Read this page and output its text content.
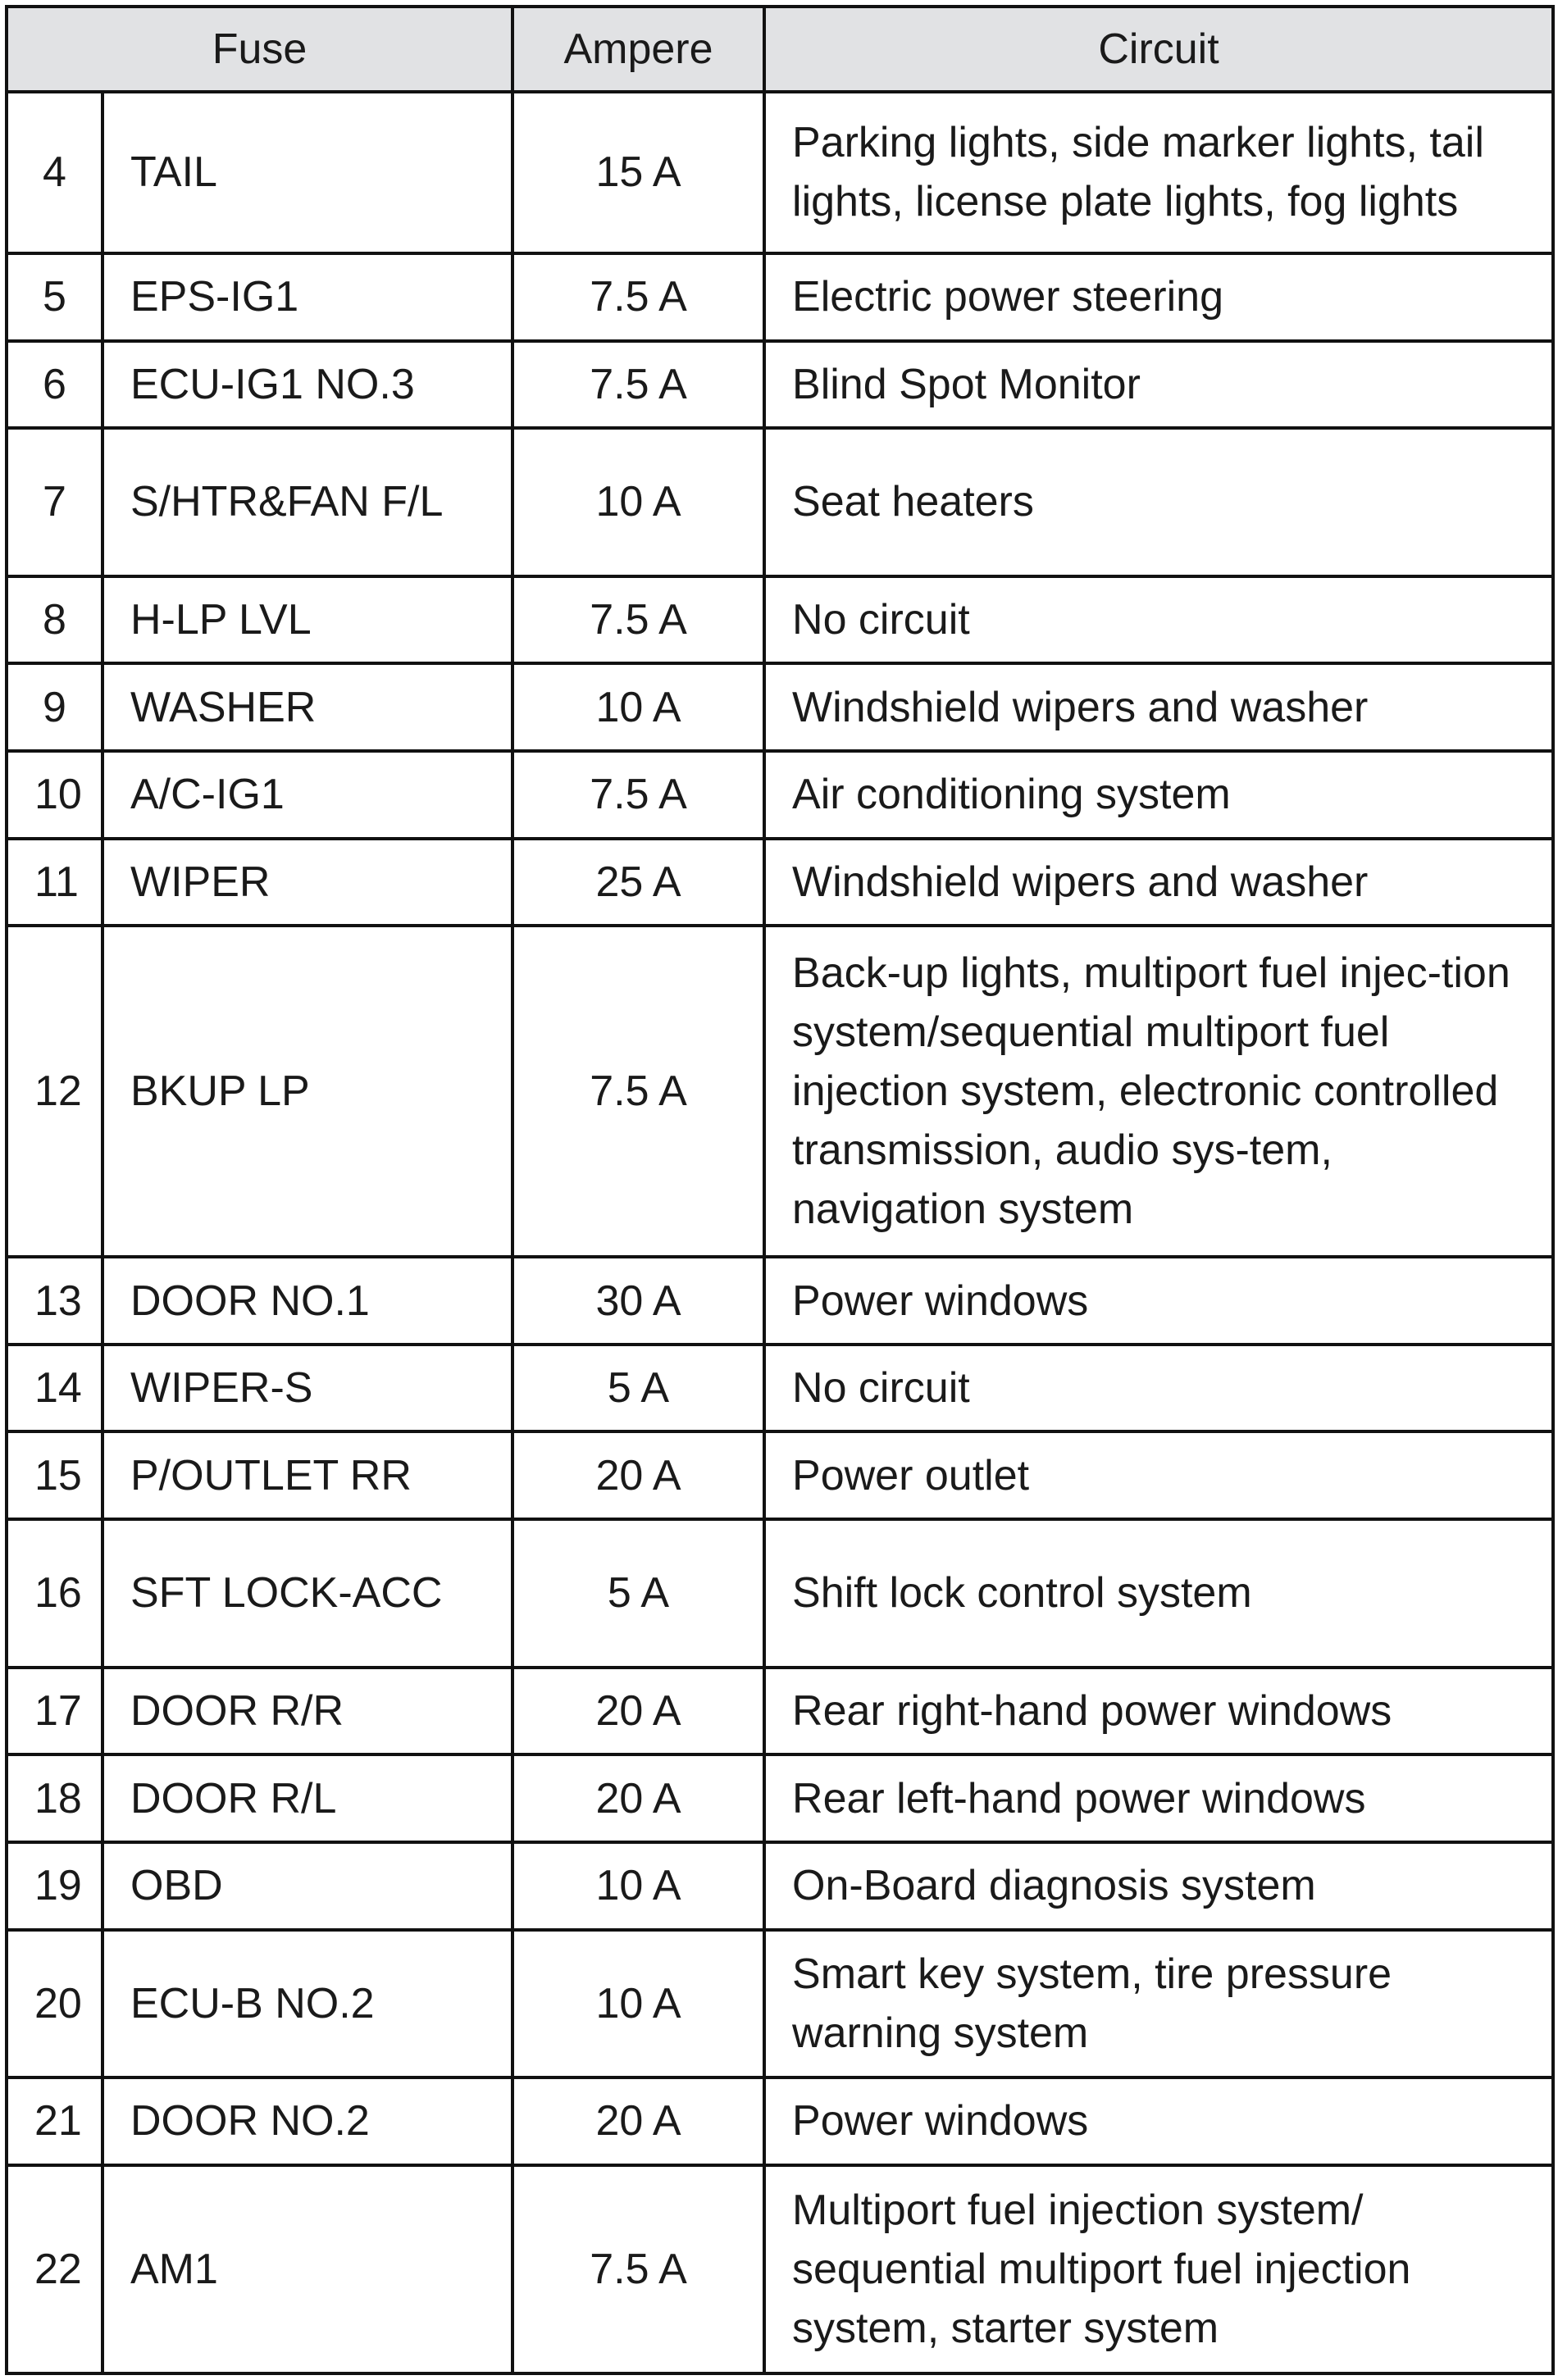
Fuse		Ampere	Circuit
4	TAIL	15 A	Parking lights, side marker lights, tail lights, license plate lights, fog lights
5	EPS-IG1	7.5 A	Electric power steering
6	ECU-IG1 NO.3	7.5 A	Blind Spot Monitor
7	S/HTR&FAN F/L	10 A	Seat heaters
8	H-LP LVL	7.5 A	No circuit
9	WASHER	10 A	Windshield wipers and washer
10	A/C-IG1	7.5 A	Air conditioning system
11	WIPER	25 A	Windshield wipers and washer
12	BKUP LP	7.5 A	Back-up lights, multiport fuel injec-tion system/sequential multiport fuel injection system, electronic controlled transmission, audio sys-tem, navigation system
13	DOOR NO.1	30 A	Power windows
14	WIPER-S	5 A	No circuit
15	P/OUTLET RR	20 A	Power outlet
16	SFT LOCK-ACC	5 A	Shift lock control system
17	DOOR R/R	20 A	Rear right-hand power windows
18	DOOR R/L	20 A	Rear left-hand power windows
19	OBD	10 A	On-Board diagnosis system
20	ECU-B NO.2	10 A	Smart key system, tire pressure warning system
21	DOOR NO.2	20 A	Power windows
22	AM1	7.5 A	Multiport fuel injection system/ sequential multiport fuel injection system, starter system
